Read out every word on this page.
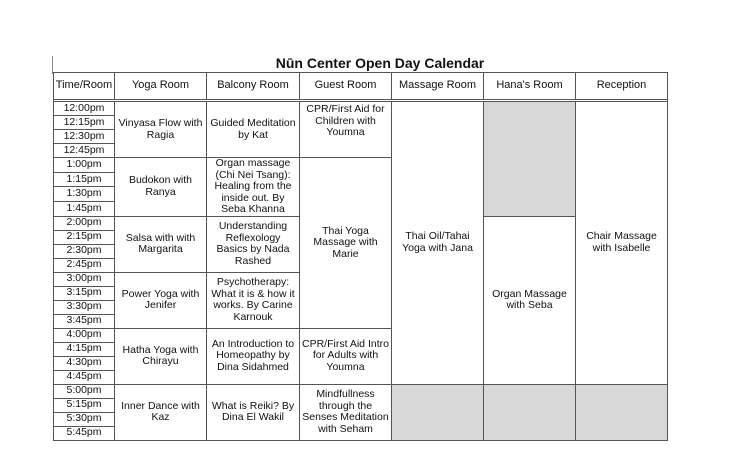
Nūn Center Open Day Calendar
Time/Room	Yoga Room	Balcony Room	Guest Room	Massage Room	Hana's Room	Reception

12:00pm	Vinyasa Flow with Ragia	Guided Meditation by Kat	CPR/First Aid for Children with Youmna	Thai Oil/Tahai Yoga with Jana		Chair Massage with Isabelle
12:15pm						
12:30pm						
12:45pm						
1:00pm	Budokon with Ranya	Organ massage (Chi Nei Tsang): Healing from the inside out. By Seba Khanna	Thai Yoga Massage with Marie			
1:15pm						
1:30pm						
1:45pm						
2:00pm	Salsa with with Margarita	Understanding Reflexology Basics by Nada Rashed			Organ Massage with Seba	
2:15pm						
2:30pm						
2:45pm						
3:00pm	Power Yoga with Jenifer	Psychotherapy: What it is & how it works. By Carine Karnouk				
3:15pm						
3:30pm						
3:45pm						
4:00pm	Hatha Yoga with Chirayu	An Introduction to Homeopathy by Dina Sidahmed	CPR/First Aid Intro for Adults with Youmna			
4:15pm						
4:30pm						
4:45pm						
5:00pm	Inner Dance with Kaz	What is Reiki? By Dina El Wakil	Mindfullness through the Senses Meditation with Seham			
5:15pm						
5:30pm						
5:45pm						
